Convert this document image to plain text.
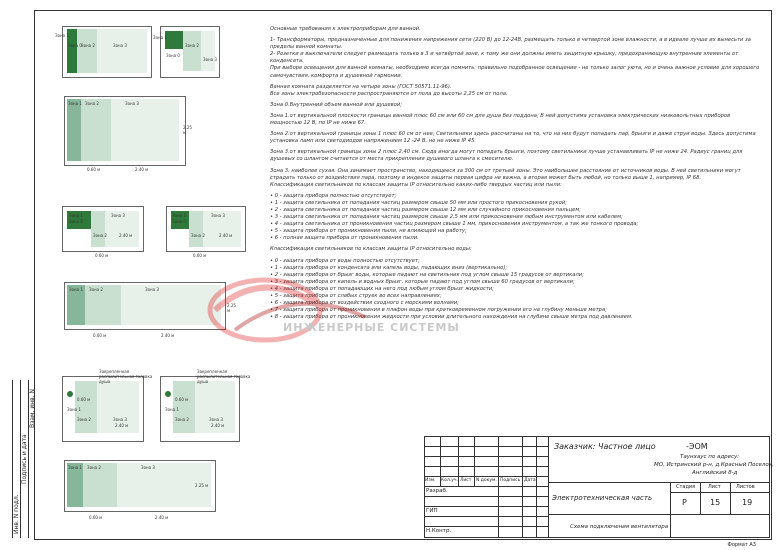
Инв. N подл.
Подпись и дата
Взам. инв. N
Зона 1
Зона 0 Зона 2	Зона 3
Зона 1
Зона 0
Зона 2
Зона 3
Зона 1 Зона 2	Зона 3
0.60 м	2.40 м
2.25 м
Зона 1
Зона 0
Зона 2
Зона 3
0.60 м
2.40 м
Зона 1
Зона 0
Зона 2
Зона 3
0.60 м
2.40 м
Зона 1 Зона 2	Зона 3
0.60 м	2.40 м
2.25 м
Закрепленная распылительная головка душа
Зона 1
Зона 2	Зона 3
0.60 м
2.40 м
Закрепленная распылительная головка душа
Зона 1
Зона 2	Зона 3
0.60 м
2.40 м
Зона 1 Зона 2	Зона 3
0.60 м	2.40 м
2.25 м

Основные требования к электроприборам для ванной.

1- Трансформаторы, предназначенные для понижения напряжения сети (220 В) до 12-24В, размещать только в четвертой зоне влажности, а в идеале лучше их вынесьти за пределы ванной комнаты.

2- Розетки и выключатели следует размещать только в 3 и четвёртой зоне, к тому же они должны иметь защитную крышку, предохраняющую внутренние элементы от конденсата.

При выборе освещения для ванной комнаты, необходимо всегда помнить: правильно подобранное освещение - не только залог уюта, но и очень важное условие для хорошего самочувствия, комфорта и душевной гармонии.

Ванная комната разделяется на четыре зоны (ГОСТ 50571.11-96).

Все зоны электробезопасности распространяются от пола до высоты 2,25 см от пола.

Зона 0.Внутренний объем ванной или душевой;

Зона 1.от вертикальной плоскости границы ванной плюс 60 см или 60 см для душа без поддона; В ней допустима установка электрических низковольтных приборов мощностью 12 В, по IP не ниже 67.

Зона 2.от вертикальной границы зоны 1 плюс 60 см от нее; Светильники здесь рассчитаны на то, что на них будут попадать пар, брызги и даже струи воды. Здесь допустима установка ламп или светодиодов напряжением 12 -24 В, но не ниже IP 45.

Зона 3.от вертикальной границы зоны 2 плюс 2,40 см. Сюда иногда могут попадать брызги, поэтому светильники лучше устанавливать IP не ниже 24. Радиус границ для душевых со шлангом считается от места прикрепления душевого шланга к смесителю.

Зона 3. наиболее сухая. Она занимает пространство, находящееся за 300 см от третьей зоны. Это наибольшее расстояние от источников воды. В ней светильники могут страдать только от воздействия пара, поэтому в индексе защиты первая цифра не важна, а вторая может быть любой, но только выше 1, например, IP 68.

Классификация светильников по классам защиты IP относительно каких-либо твердых частиц или пыли:

• 0 - защита прибора полностью отсутствует;

• 1 - защита светильника от попадания частиц размером свыше 50 мм или простого прикосновения рукой;

• 2 - защита светильника от попадания частиц размером свыше 12 мм или случайного прикосновения пальцем;

• 3 - защита светильника от попадания частиц размером свыше 2,5 мм или прикосновения любым инструментом или кабелем;

• 4 - защита светильника от проникновения частиц размером свыше 1 мм, прикосновения инструментом, а так же тонкого провода;

• 5 - защита прибора от проникновения пыли, не влияющей на работу;

• 6 - полная защита прибора от проникновения пыли.

Классификация светильников по классам защиты IP относительно воды:

• 0 - защита прибора от воды полностью отсутствует;

• 1 - защита прибора от конденсата или капель воды, падающих вниз (вертикально);

• 2 - защита прибора от брызг воды, которые падают на светильник под углом свыше 15 градусов от вертикали;

• 3 - защита прибора от капель и водных брызг, которые падают под углом свыше 60 градусов от вертикали;

• 4 - защита прибора от попадающих на него под любым углом брызг жидкости;

• 5 - защита прибора от слабых струек во всех направлениях;

• 6 - защита прибора от воздействия сходного с морскими волнами;

• 7 - защита прибора от проникновения в плафон воды при кратковременном погружении его на глубину меньше метра;

• 8 - защита прибора от проникновения жидкости при условии длительного нахождения на глубине свыше метра под давлением.

ИНЖЕНЕРНЫЕ СИСТЕМЫ
Изм. Кол.уч. Лист N докум. Подпись Дата
Разраб.
ГИП
Н.Контр.
Заказчик: Частное лицо	-ЭОМ
Таунхаус по адресу:
МО, Истринский р-н, д.Красный Поселок,
Английский 8-д
Электротехническая часть
Стадия	Лист	Листов
Р	15	19
Схема подключения вентилятора
Формат А3
